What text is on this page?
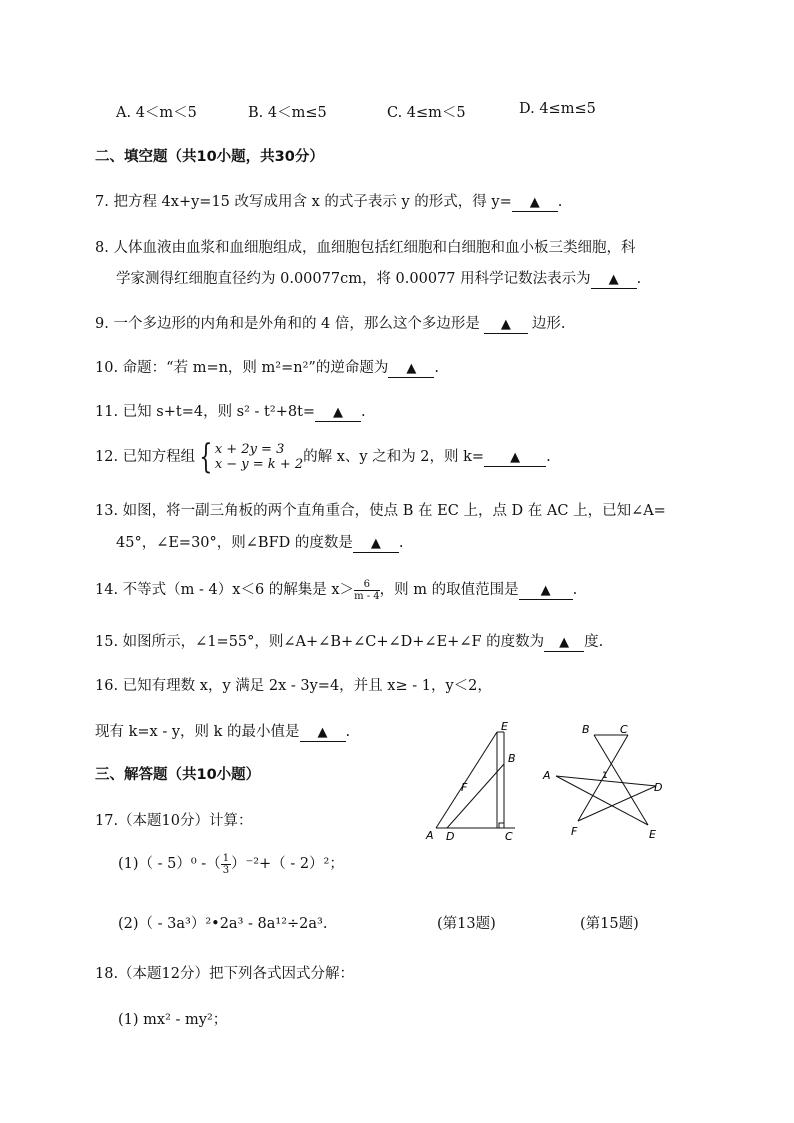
A. 4＜m＜5	B. 4＜m≤5	C. 4≤m＜5	D. 4≤m≤5
二、填空题（共10小题，共30分）
7. 把方程 4x+y=15 改写成用含 x 的式子表示 y 的形式，得 y= ▲ .
8. 人体血液由血浆和血细胞组成，血细胞包括红细胞和白细胞和血小板三类细胞，科
学家测得红细胞直径约为 0.00077cm，将 0.00077 用科学记数法表示为 ▲ .
9. 一个多边形的内角和是外角和的 4 倍，那么这个多边形是 ▲ 边形.
10. 命题：“若 m=n，则 m²=n²”的逆命题为 ▲ .
11. 已知 s+t=4，则 s² - t²+8t= ▲ .
12. 已知方程组 { x + 2y = 3
x − y = k + 2 的解 x、y 之和为 2，则 k= ▲ .
13. 如图，将一副三角板的两个直角重合，使点 B 在 EC 上，点 D 在 AC 上，已知∠A=
45°，∠E=30°，则∠BFD 的度数是 ▲ .
14. 不等式（m - 4）x＜6 的解集是 $x> \frac{6}{m - 4}$ ，则 m 的取值范围是 ▲ .
15. 如图所示，∠1=55°，则∠A+∠B+∠C+∠D+∠E+∠F 的度数为 ▲ 度.
16. 已知有理数 x，y 满足 2x - 3y=4，并且 x≥ - 1，y＜2，
现有 k=x - y，则 k 的最小值是 ▲ .
三、解答题（共10小题）
17.（本题10分）计算：
(1)（ - 5）⁰ -（ $\frac{1}{3} )^{-2}+( - 2)^2$；
(2)（ - 3a³）²•2a³ - 8a¹²÷2a³.
18.（本题12分）把下列各式因式分解：
(1) mx² - my²；
E
B
F
A D	C
B	C
A	1
D
F	E
(第13题)	(第15题)
